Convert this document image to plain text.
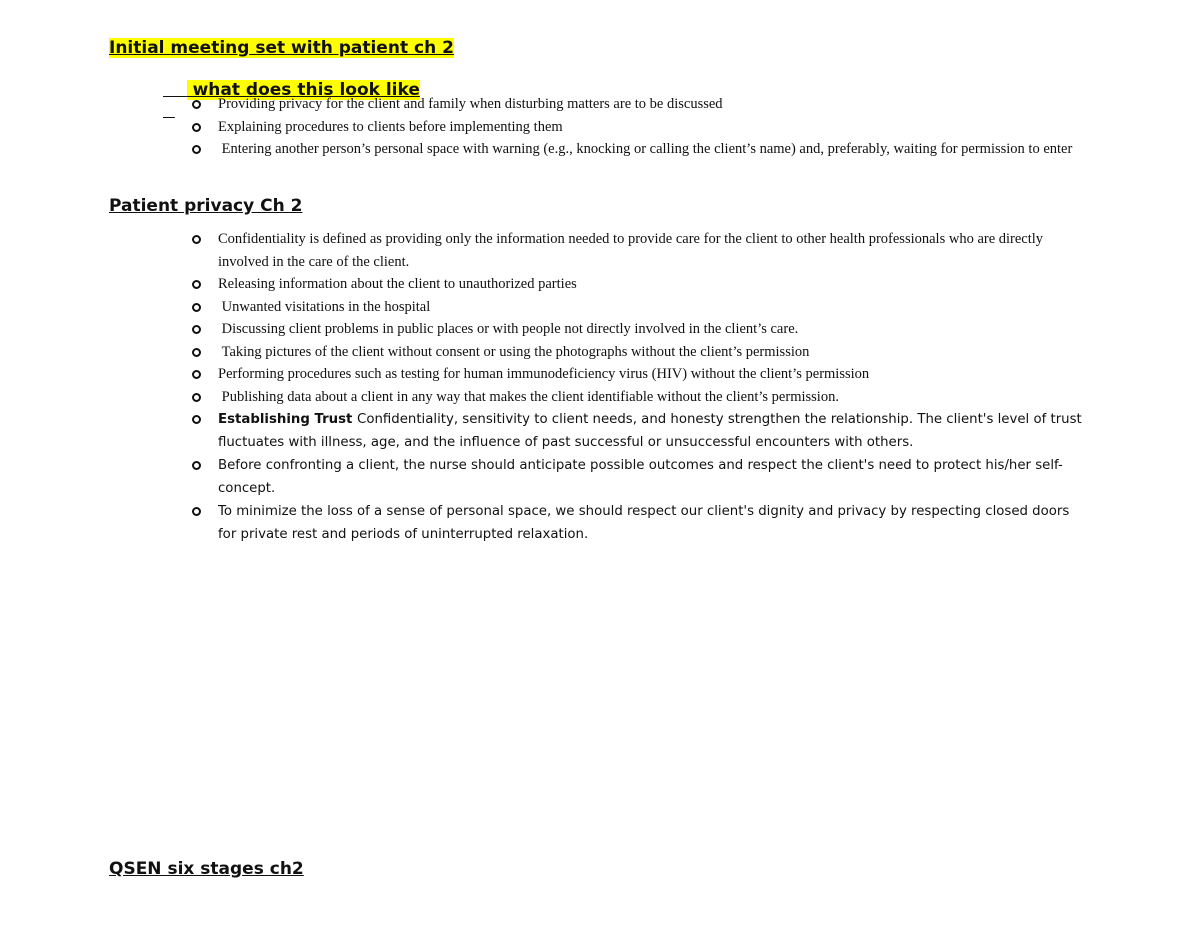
Initial meeting set with patient ch 2

what does this look like

Providing privacy for the client and family when disturbing matters are to be discussed
Explaining procedures to clients before implementing them
Entering another person’s personal space with warning (e.g., knocking or calling the client’s name) and, preferably, waiting for permission to enter
Patient privacy Ch 2
Confidentiality is defined as providing only the information needed to provide care for the client to other health professionals who are directly involved in the care of the client.
Releasing information about the client to unauthorized parties
Unwanted visitations in the hospital
Discussing client problems in public places or with people not directly involved in the client’s care.
Taking pictures of the client without consent or using the photographs without the client’s permission
Performing procedures such as testing for human immunodeficiency virus (HIV) without the client’s permission
Publishing data about a client in any way that makes the client identifiable without the client’s permission.
Establishing Trust Confidentiality, sensitivity to client needs, and honesty strengthen the relationship. The client's level of trust fluctuates with illness, age, and the influence of past successful or unsuccessful encounters with others.
Before confronting a client, the nurse should anticipate possible outcomes and respect the client's need to protect his/her self-concept.
To minimize the loss of a sense of personal space, we should respect our client's dignity and privacy by respecting closed doors for private rest and periods of uninterrupted relaxation.
QSEN six stages ch2
